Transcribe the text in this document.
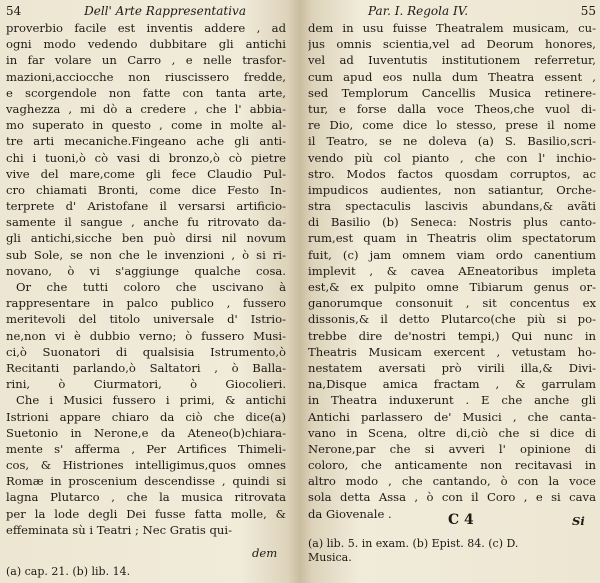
54	Dell' Arte Rappresentativa
proverbio facile est inventis addere , ad
ogni modo vedendo dubbitare gli antichi
in far volare un Carro , e nelle trasfor-
mazioni,acciocche non riuscissero fredde,
e scorgendole non fatte con tanta arte,
vaghezza , mi dò a credere , che l' abbia-
mo superato in questo , come in molte al-
tre arti mecaniche.Fingeano ache gli anti-
chi i tuoni,ò cò vasi di bronzo,ò cò pietre
vive del mare,come gli fece Claudio Pul-
cro chiamati Bronti, come dice Festo In-
terprete d' Aristofane il versarsi artificio-
samente il sangue , anche fu ritrovato da-
gli antichi,sicche ben può dirsi nil novum
sub Sole, se non che le invenzioni , ò si ri-
novano, ò vi s'aggiunge qualche cosa.
Or che tutti coloro che uscivano à
rappresentare in palco publico , fussero
meritevoli del titolo universale d' Istrio-
ne,non vi è dubbio verno; ò fussero Musi-
ci,ò Suonatori di qualsisia Istrumento,ò
Recitanti parlando,ò Saltatori , ò Balla-
rini, ò Ciurmatori, ò Giocolieri.
Che i Musici fussero i primi, & antichi
Istrioni appare chiaro da ciò che dice(a)
Suetonio in Nerone,e da Ateneo(b)chiara-
mente s' afferma , Per Artifices Thimeli-
cos, & Histriones intelligimus,quos omnes
Romæ in proscenium descendisse , quindi si
lagna Plutarco , che la musica ritrovata
per la lode degli Dei fusse fatta molle, &
effeminata sù i Teatri ; Nec Gratis qui-
dem
(a) cap. 21. (b) lib. 14.
Par. I. Regola IV.	55
dem in usu fuisse Theatralem musicam, cu-
jus omnis scientia,vel ad Deorum honores,
vel ad Iuventutis institutionem referretur,
cum apud eos nulla dum Theatra essent ,
sed Templorum Cancellis Musica retinere-
tur, e forse dalla voce Theos,che vuol di-
re Dio, come dice lo stesso, prese il nome
il Teatro, se ne doleva (a) S. Basilio,scri-
vendo più col pianto , che con l' inchio-
stro. Modos factos quosdam corruptos, ac
impudicos audientes, non satiantur, Orche-
stra spectaculis lascivis abundans,& avãti
di Basilio (b) Seneca: Nostris plus canto-
rum,est quam in Theatris olim spectatorum
fuit, (c) jam omnem viam ordo canentium
implevit , & cavea AEneatoribus impleta
est,& ex pulpito omne Tibiarum genus or-
ganorumque consonuit , sit concentus ex
dissonis,& il detto Plutarco(che più si po-
trebbe dire de'nostri tempi,) Qui nunc in
Theatris Musicam exercent , vetustam ho-
nestatem aversati prò virili illa,& Divi-
na,Disque amica fractam , & garrulam
in Theatra induxerunt . E che anche gli
Antichi parlassero de' Musici , che canta-
vano in Scena, oltre di,ciò che si dice di
Nerone,par che si avveri l' opinione di
coloro, che anticamente non recitavasi in
altro modo , che cantando, ò con la voce
sola detta Assa , ò con il Coro , e si cava
da Giovenale .	C 4	Si
(a) lib. 5. in exam. (b) Epist. 84. (c) D.
Musica.
